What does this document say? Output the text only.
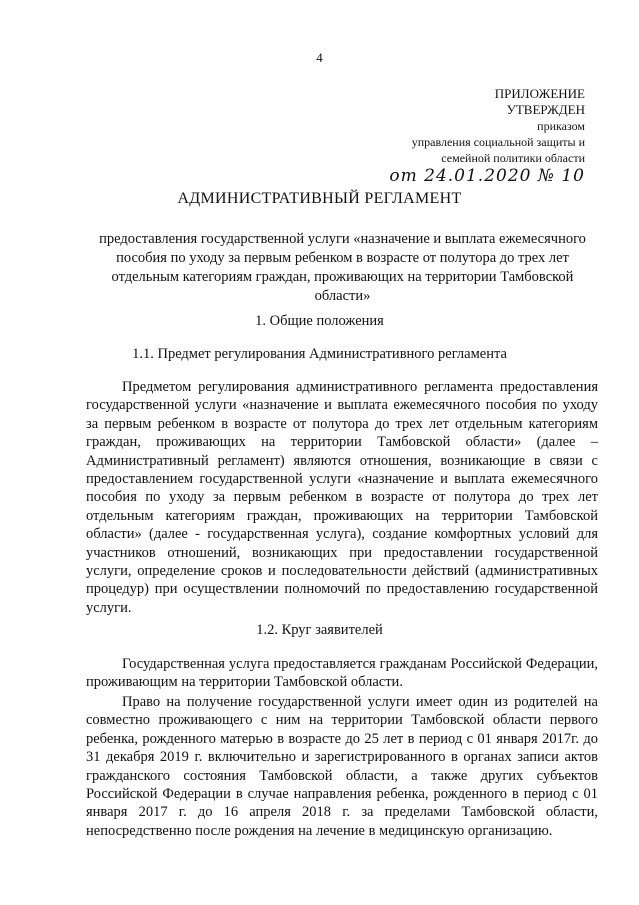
4
ПРИЛОЖЕНИЕ
УТВЕРЖДЕН
приказом
управления социальной защиты и
семейной политики области
от 24.01.2020 № 10
АДМИНИСТРАТИВНЫЙ РЕГЛАМЕНТ
предоставления государственной услуги «назначение и выплата ежемесячного пособия по уходу за первым ребенком в возрасте от полутора до трех лет отдельным категориям граждан, проживающих на территории Тамбовской области»
1. Общие положения
1.1. Предмет регулирования Административного регламента

Предметом регулирования административного регламента предоставления государственной услуги «назначение и выплата ежемесячного пособия по уходу за первым ребенком в возрасте от полутора до трех лет отдельным категориям граждан, проживающих на территории Тамбовской области» (далее – Административный регламент) являются отношения, возникающие в связи с предоставлением государственной услуги «назначение и выплата ежемесячного пособия по уходу за первым ребенком в возрасте от полутора до трех лет отдельным категориям граждан, проживающих на территории Тамбовской области» (далее - государственная услуга), создание комфортных условий для участников отношений, возникающих при предоставлении государственной услуги, определение сроков и последовательности действий (административных процедур) при осуществлении полномочий по предоставлению государственной услуги.

1.2. Круг заявителей

Государственная услуга предоставляется гражданам Российской Федерации, проживающим на территории Тамбовской области.

Право на получение государственной услуги имеет один из родителей на совместно проживающего с ним на территории Тамбовской области первого ребенка, рожденного матерью в возрасте до 25 лет в период с 01 января 2017г. до 31 декабря 2019 г. включительно и зарегистрированного в органах записи актов гражданского состояния Тамбовской области, а также других субъектов Российской Федерации в случае направления ребенка, рожденного в период с 01 января 2017 г. до 16 апреля 2018 г. за пределами Тамбовской области, непосредственно после рождения на лечение в медицинскую организацию.
